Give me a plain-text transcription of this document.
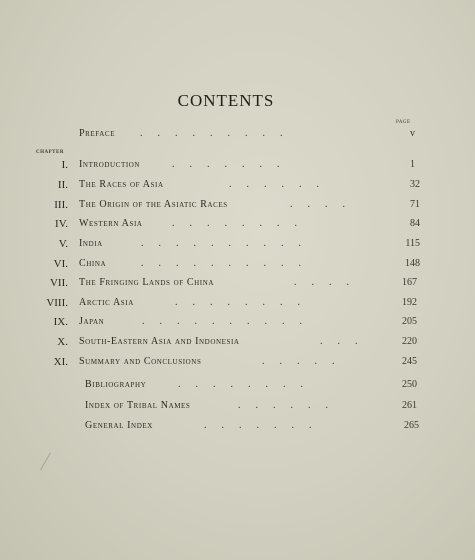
CONTENTS
PAGE
CHAPTER
Preface .      .      .      .      .      .      .      .      .	v
I. Introduction	.      .      .      .      .      .      .	1
II. The Races of Asia	.      .      .      .      .      .	32
III. The Origin of the Asiatic Races	.      .      .      .	71
IV. Western Asia	.      .      .      .      .      .      .      .	84
V. India	.      .      .      .      .      .      .      .      .      .	115
VI. China	.      .      .      .      .      .      .      .      .      .	148
VII. The Fringing Lands of China	.      .      .      .	167
VIII. Arctic Asia	.      .      .      .      .      .      .      .	192
IX. Japan	.      .      .      .      .      .      .      .      .      .	205
X. South-Eastern Asia and Indonesia	.      .      .	220
XI. Summary and Conclusions	.      .      .      .      .	245
Bibliography	.      .      .      .      .      .      .      .	250
Index of Tribal Names	.      .      .      .      .      .	261
General Index	.      .      .      .      .      .      .	265
